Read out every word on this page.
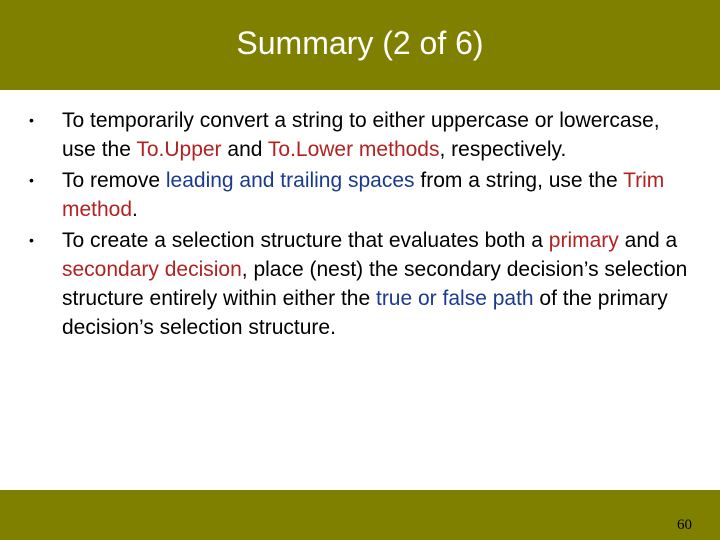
Summary (2 of 6)
• To temporarily convert a string to either uppercase or lowercase, use the To.Upper and To.Lower methods, respectively.
• To remove leading and trailing spaces from a string, use the Trim method.
• To create a selection structure that evaluates both a primary and a secondary decision, place (nest) the secondary decision’s selection structure entirely within either the true or false path of the primary decision’s selection structure.
60
